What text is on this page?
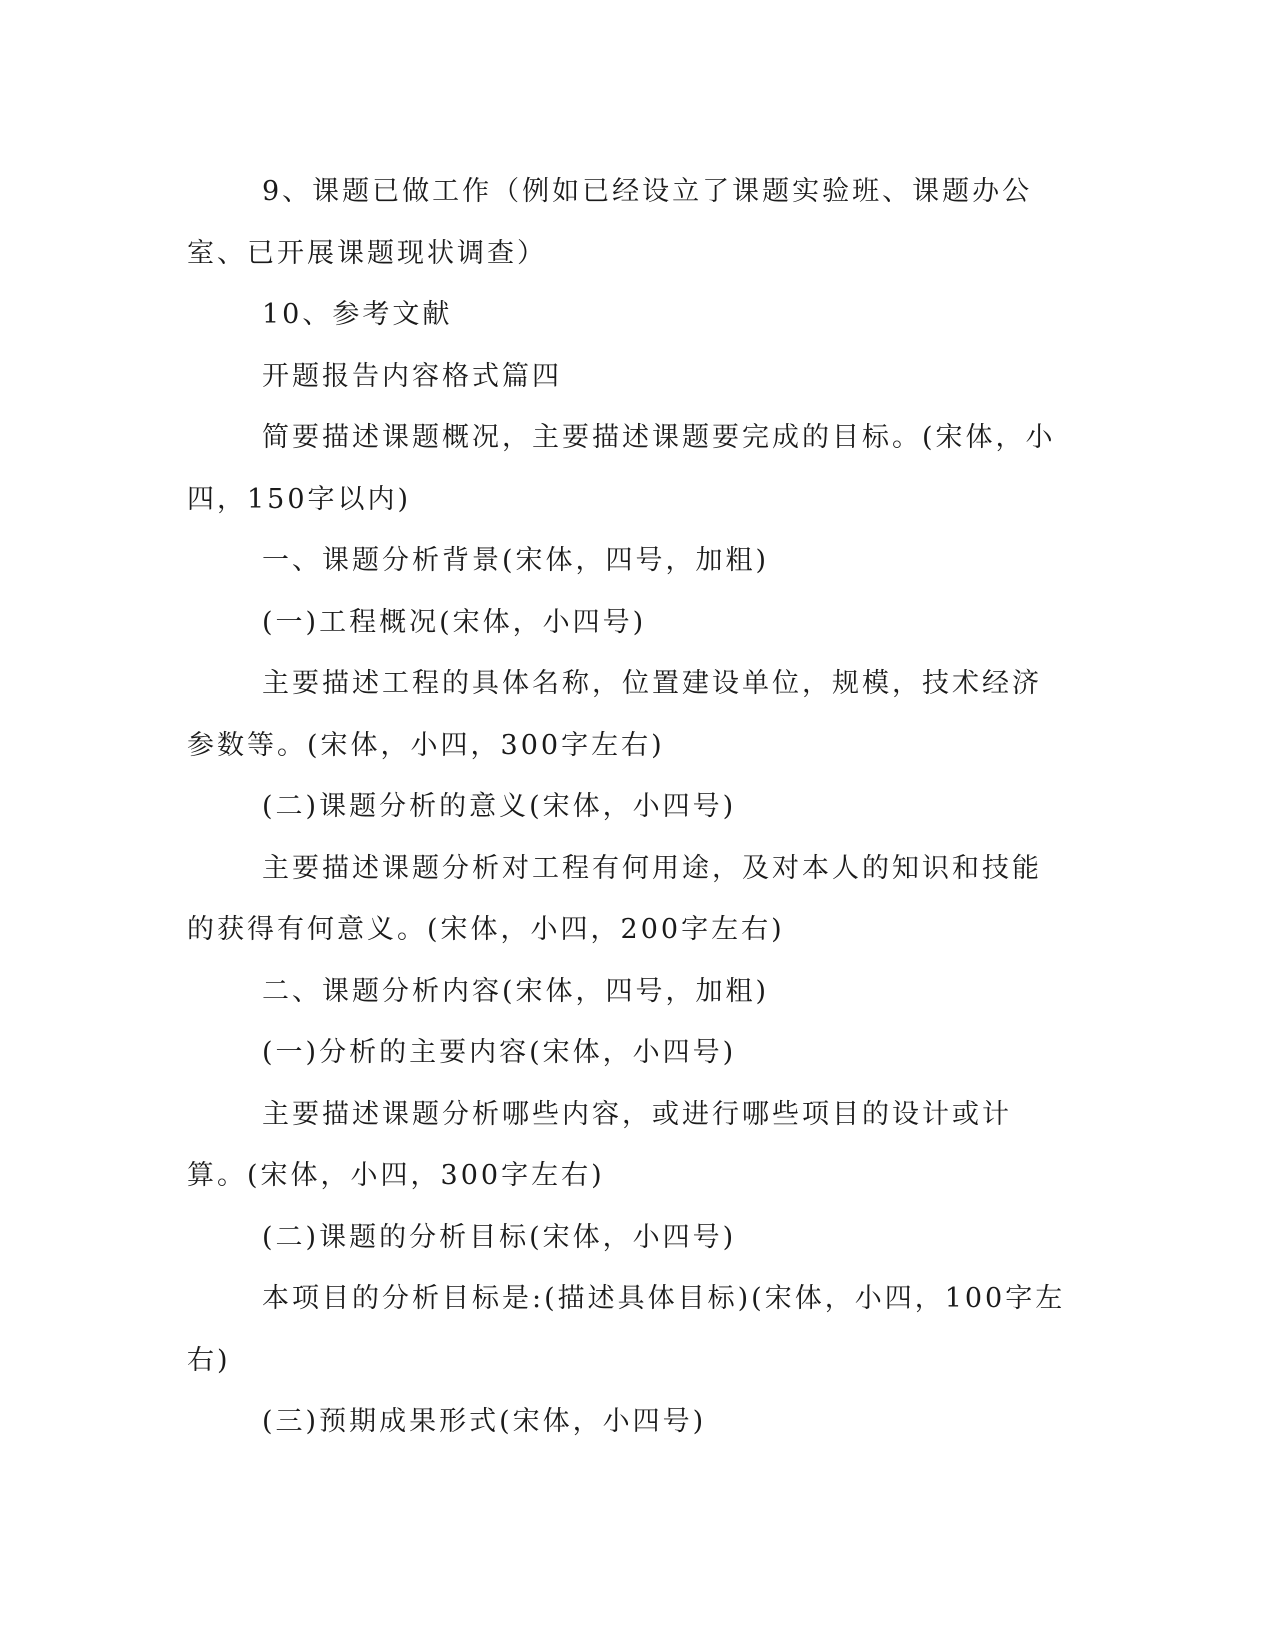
9、课题已做工作（例如已经设立了课题实验班、课题办公室、已开展课题现状调查）

10、参考文献

开题报告内容格式篇四

简要描述课题概况，主要描述课题要完成的目标。(宋体，小四，150字以内)

一、课题分析背景(宋体，四号，加粗)

(一)工程概况(宋体，小四号)

主要描述工程的具体名称，位置建设单位，规模，技术经济参数等。(宋体，小四，300字左右)

(二)课题分析的意义(宋体，小四号)

主要描述课题分析对工程有何用途，及对本人的知识和技能的获得有何意义。(宋体，小四，200字左右)

二、课题分析内容(宋体，四号，加粗)

(一)分析的主要内容(宋体，小四号)

主要描述课题分析哪些内容，或进行哪些项目的设计或计算。(宋体，小四，300字左右)

(二)课题的分析目标(宋体，小四号)

本项目的分析目标是:(描述具体目标)(宋体，小四，100字左右)

(三)预期成果形式(宋体，小四号)
